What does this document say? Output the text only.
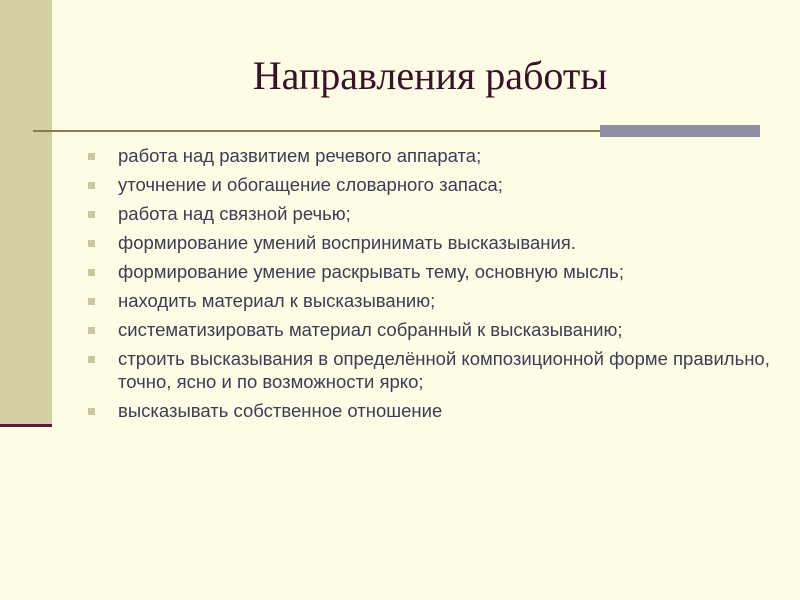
Направления работы
работа над развитием речевого аппарата;
уточнение и обогащение словарного запаса;
работа над связной речью;
формирование умений воспринимать высказывания.
формирование умение раскрывать тему, основную мысль;
находить материал к высказыванию;
систематизировать материал собранный к высказыванию;
строить высказывания в определённой композиционной форме правильно, точно, ясно и по возможности ярко;
высказывать собственное отношение
